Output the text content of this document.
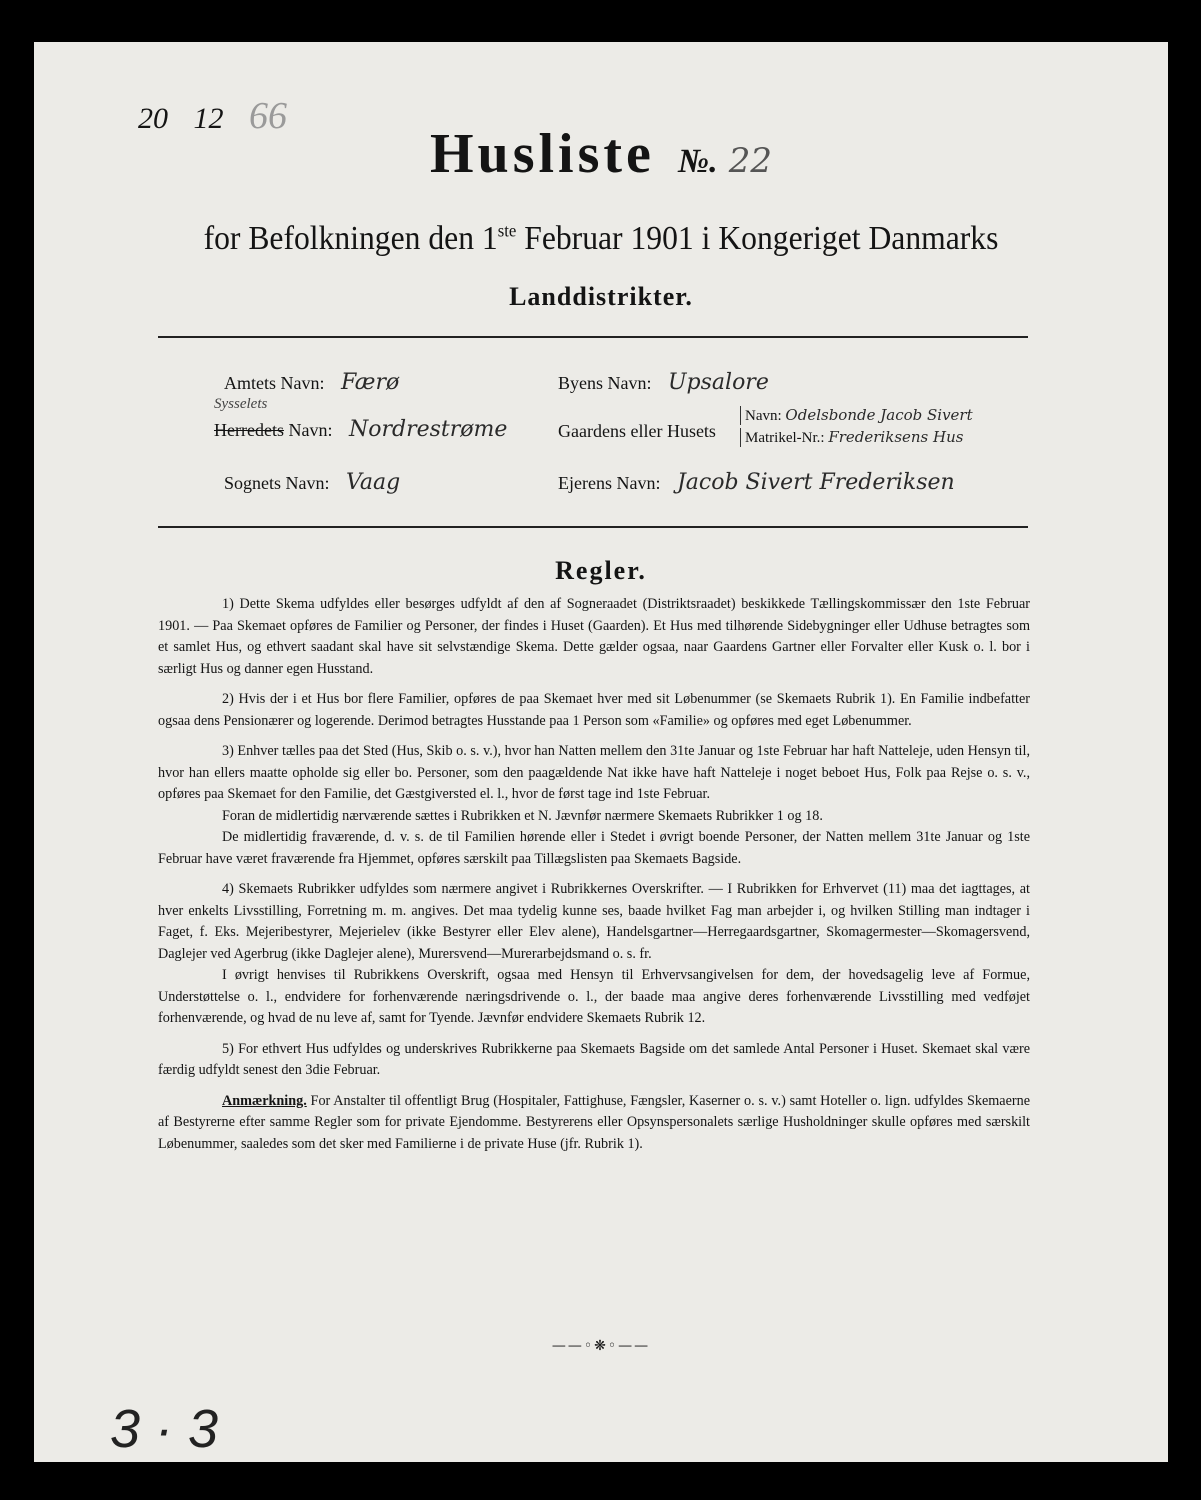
20 12 66
Husliste №. 22
for Befolkningen den 1ste Februar 1901 i Kongeriget Danmarks
Landdistrikter.
Amtets Navn: Færø
Sysselets
Herredets Navn: Nordrestrøme
Sognets Navn: Vaag
Byens Navn: Upsalore
Gaardens eller Husets
Navn: Odelsbonde Jacob Sivert
Matrikel-Nr.: Frederiksens Hus
Ejerens Navn: Jacob Sivert Frederiksen
Regler.

1) Dette Skema udfyldes eller besørges udfyldt af den af Sogneraadet (Distriktsraadet) beskikkede Tællingskommissær den 1ste Februar 1901. — Paa Skemaet opføres de Familier og Personer, der findes i Huset (Gaarden). Et Hus med tilhørende Sidebygninger eller Udhuse betragtes som et samlet Hus, og ethvert saadant skal have sit selvstændige Skema. Dette gælder ogsaa, naar Gaardens Gartner eller Forvalter eller Kusk o. l. bor i særligt Hus og danner egen Husstand.

2) Hvis der i et Hus bor flere Familier, opføres de paa Skemaet hver med sit Løbenummer (se Skemaets Rubrik 1). En Familie indbefatter ogsaa dens Pensionærer og logerende. Derimod betragtes Husstande paa 1 Person som «Familie» og opføres med eget Løbenummer.

3) Enhver tælles paa det Sted (Hus, Skib o. s. v.), hvor han Natten mellem den 31te Januar og 1ste Februar har haft Natteleje, uden Hensyn til, hvor han ellers maatte opholde sig eller bo. Personer, som den paagældende Nat ikke have haft Natteleje i noget beboet Hus, Folk paa Rejse o. s. v., opføres paa Skemaet for den Familie, det Gæstgiversted el. l., hvor de først tage ind 1ste Februar.

Foran de midlertidig nærværende sættes i Rubrikken et N. Jævnfør nærmere Skemaets Rubrikker 1 og 18.

De midlertidig fraværende, d. v. s. de til Familien hørende eller i Stedet i øvrigt boende Personer, der Natten mellem 31te Januar og 1ste Februar have været fraværende fra Hjemmet, opføres særskilt paa Tillægslisten paa Skemaets Bagside.

4) Skemaets Rubrikker udfyldes som nærmere angivet i Rubrikkernes Overskrifter. — I Rubrikken for Erhvervet (11) maa det iagttages, at hver enkelts Livsstilling, Forretning m. m. angives. Det maa tydelig kunne ses, baade hvilket Fag man arbejder i, og hvilken Stilling man indtager i Faget, f. Eks. Mejeribestyrer, Mejerielev (ikke Bestyrer eller Elev alene), Handelsgartner—Herregaardsgartner, Skomagermester—Skomagersvend, Daglejer ved Agerbrug (ikke Daglejer alene), Murersvend—Murerarbejdsmand o. s. fr.

I øvrigt henvises til Rubrikkens Overskrift, ogsaa med Hensyn til Erhvervsangivelsen for dem, der hovedsagelig leve af Formue, Understøttelse o. l., endvidere for forhenværende næringsdrivende o. l., der baade maa angive deres forhenværende Livsstilling med vedføjet forhenværende, og hvad de nu leve af, samt for Tyende. Jævnfør endvidere Skemaets Rubrik 12.

5) For ethvert Hus udfyldes og underskrives Rubrikkerne paa Skemaets Bagside om det samlede Antal Personer i Huset. Skemaet skal være færdig udfyldt senest den 3die Februar.

Anmærkning. For Anstalter til offentligt Brug (Hospitaler, Fattighuse, Fængsler, Kaserner o. s. v.) samt Hoteller o. lign. udfyldes Skemaerne af Bestyrerne efter samme Regler som for private Ejendomme. Bestyrerens eller Opsynspersonalets særlige Husholdninger skulle opføres med særskilt Løbenummer, saaledes som det sker med Familierne i de private Huse (jfr. Rubrik 1).

——◦❋◦——
3 · 3
